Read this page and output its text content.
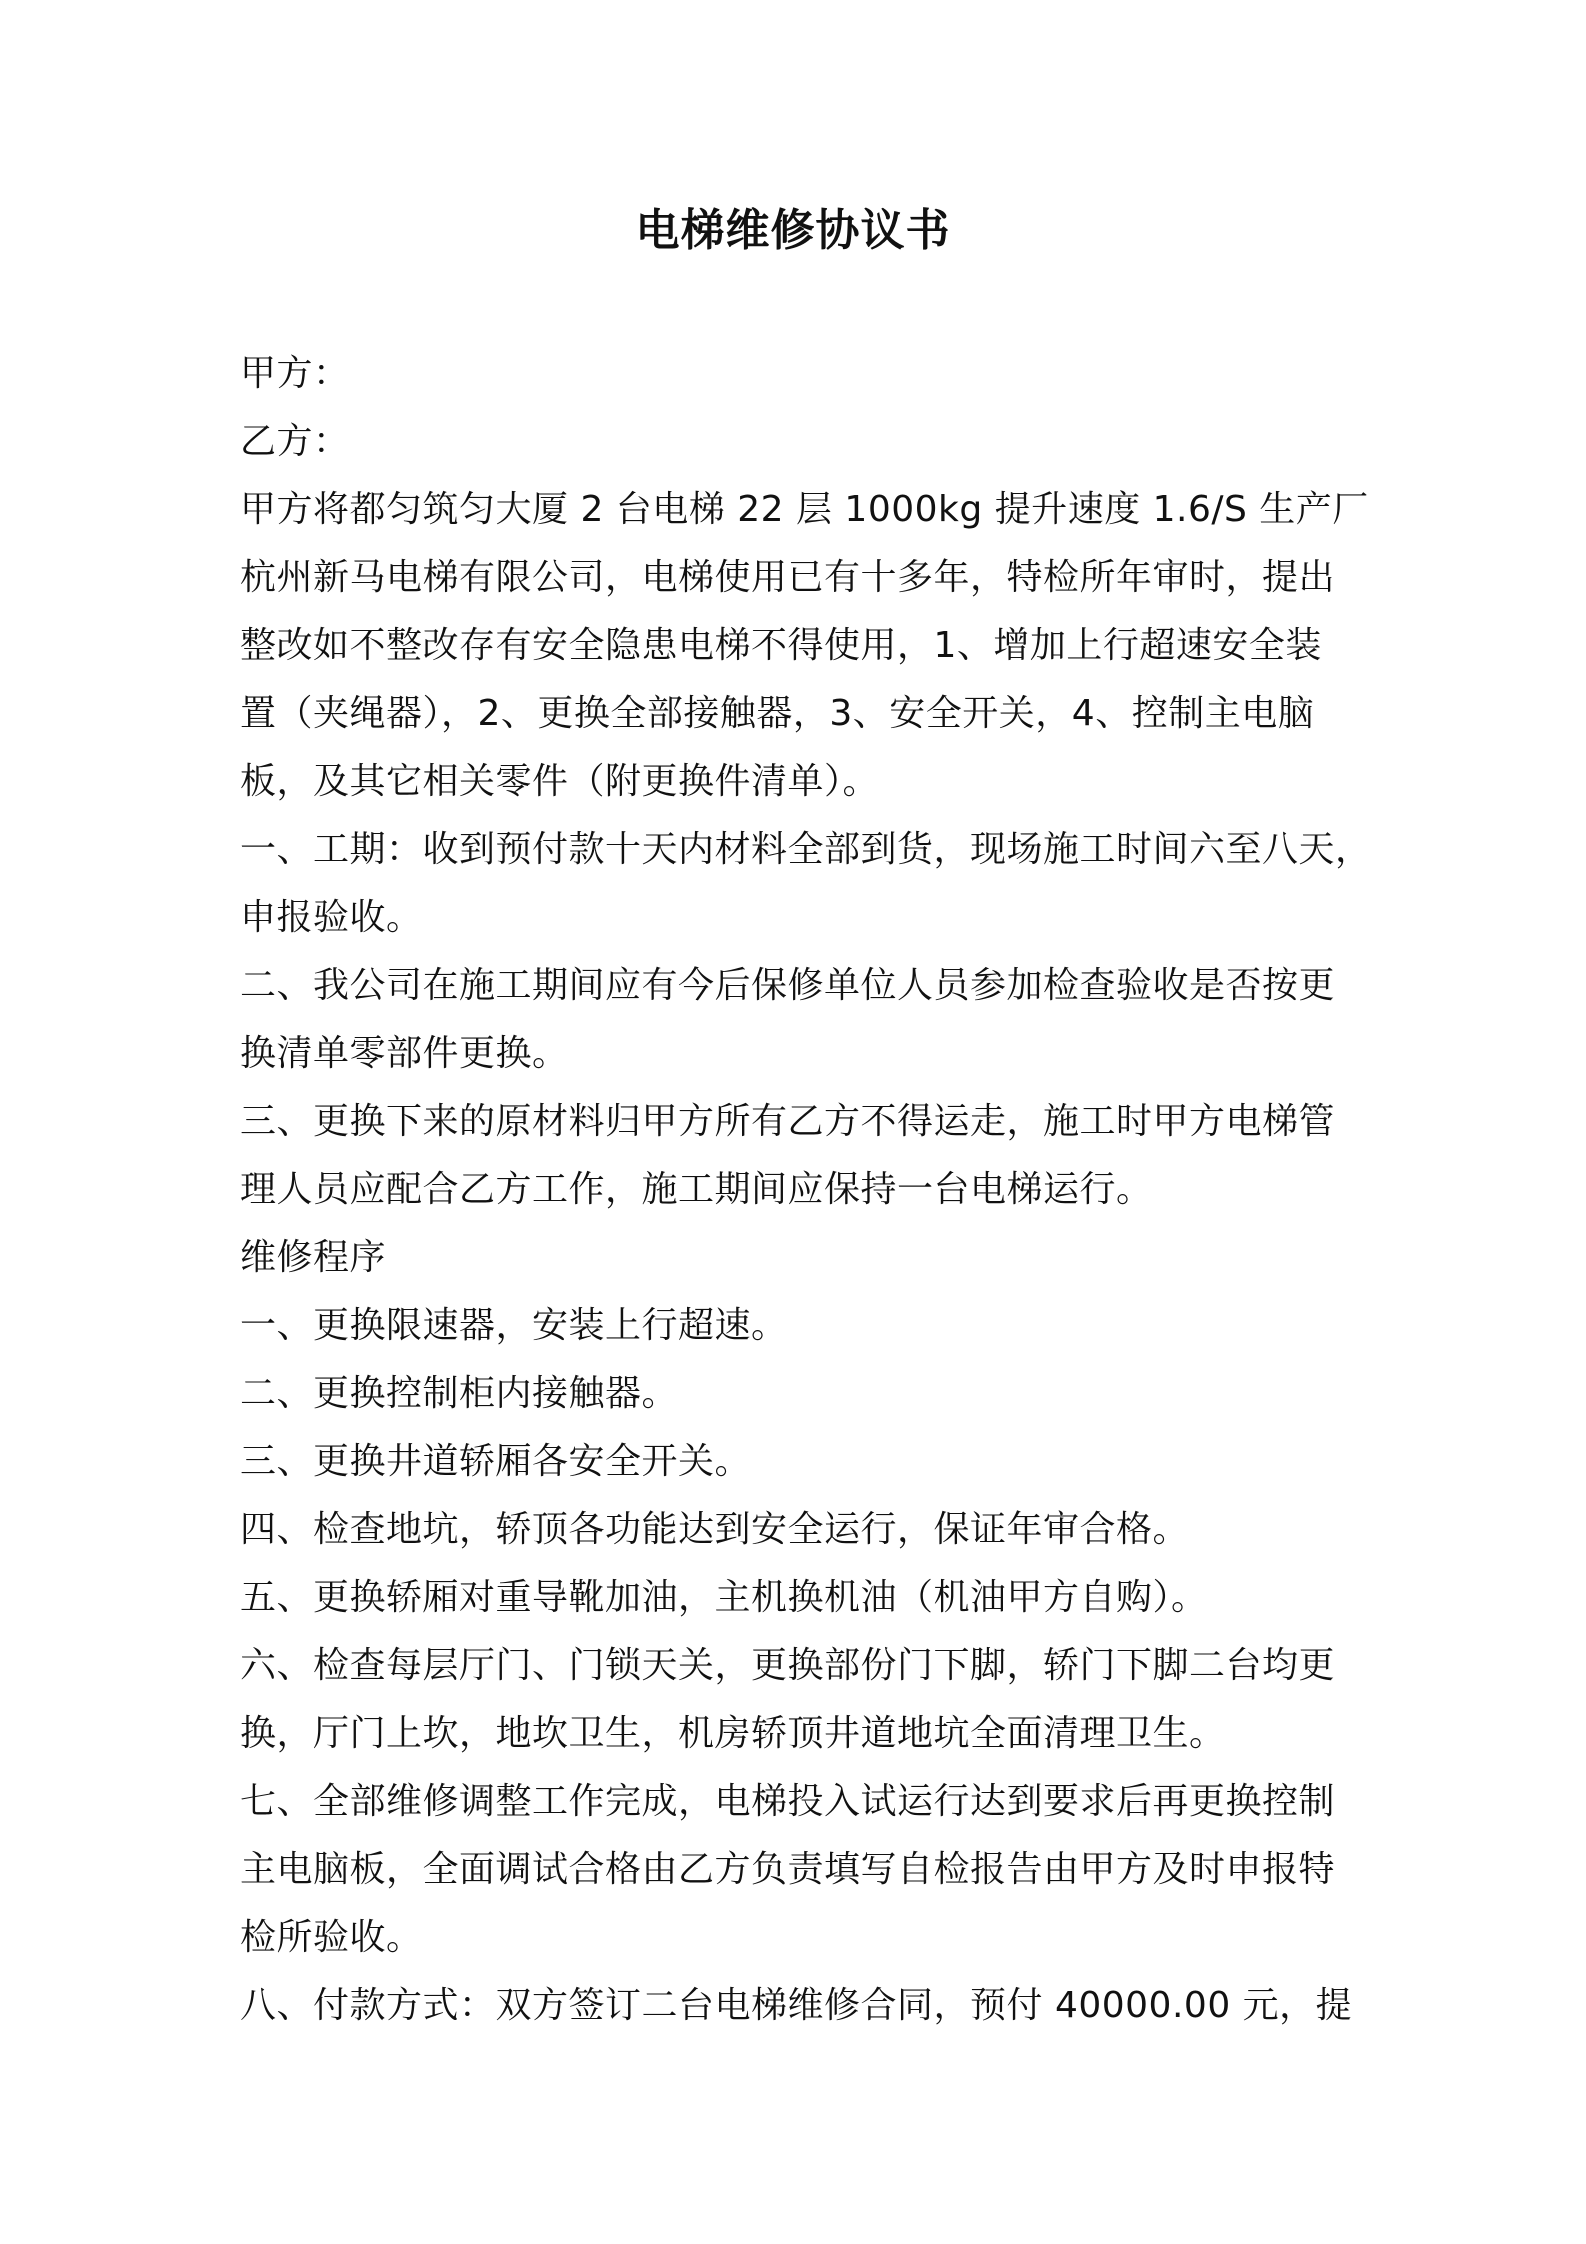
电梯维修协议书
甲方：
乙方：
甲方将都匀筑匀大厦 2 台电梯 22 层 1000kg 提升速度 1.6/S 生产厂
杭州新马电梯有限公司，电梯使用已有十多年，特检所年审时，提出
整改如不整改存有安全隐患电梯不得使用，1、增加上行超速安全装
置（夹绳器），2、更换全部接触器，3、安全开关，4、控制主电脑
板，及其它相关零件（附更换件清单）。
一、工期：收到预付款十天内材料全部到货，现场施工时间六至八天，
申报验收。
二、我公司在施工期间应有今后保修单位人员参加检查验收是否按更
换清单零部件更换。
三、更换下来的原材料归甲方所有乙方不得运走，施工时甲方电梯管
理人员应配合乙方工作，施工期间应保持一台电梯运行。
维修程序
一、更换限速器，安装上行超速。
二、更换控制柜内接触器。
三、更换井道轿厢各安全开关。
四、检查地坑，轿顶各功能达到安全运行，保证年审合格。
五、更换轿厢对重导靴加油，主机换机油（机油甲方自购）。
六、检查每层厅门、门锁天关，更换部份门下脚，轿门下脚二台均更
换，厅门上坎，地坎卫生，机房轿顶井道地坑全面清理卫生。
七、全部维修调整工作完成，电梯投入试运行达到要求后再更换控制
主电脑板，全面调试合格由乙方负责填写自检报告由甲方及时申报特
检所验收。
八、付款方式：双方签订二台电梯维修合同，预付 40000.00 元，提
